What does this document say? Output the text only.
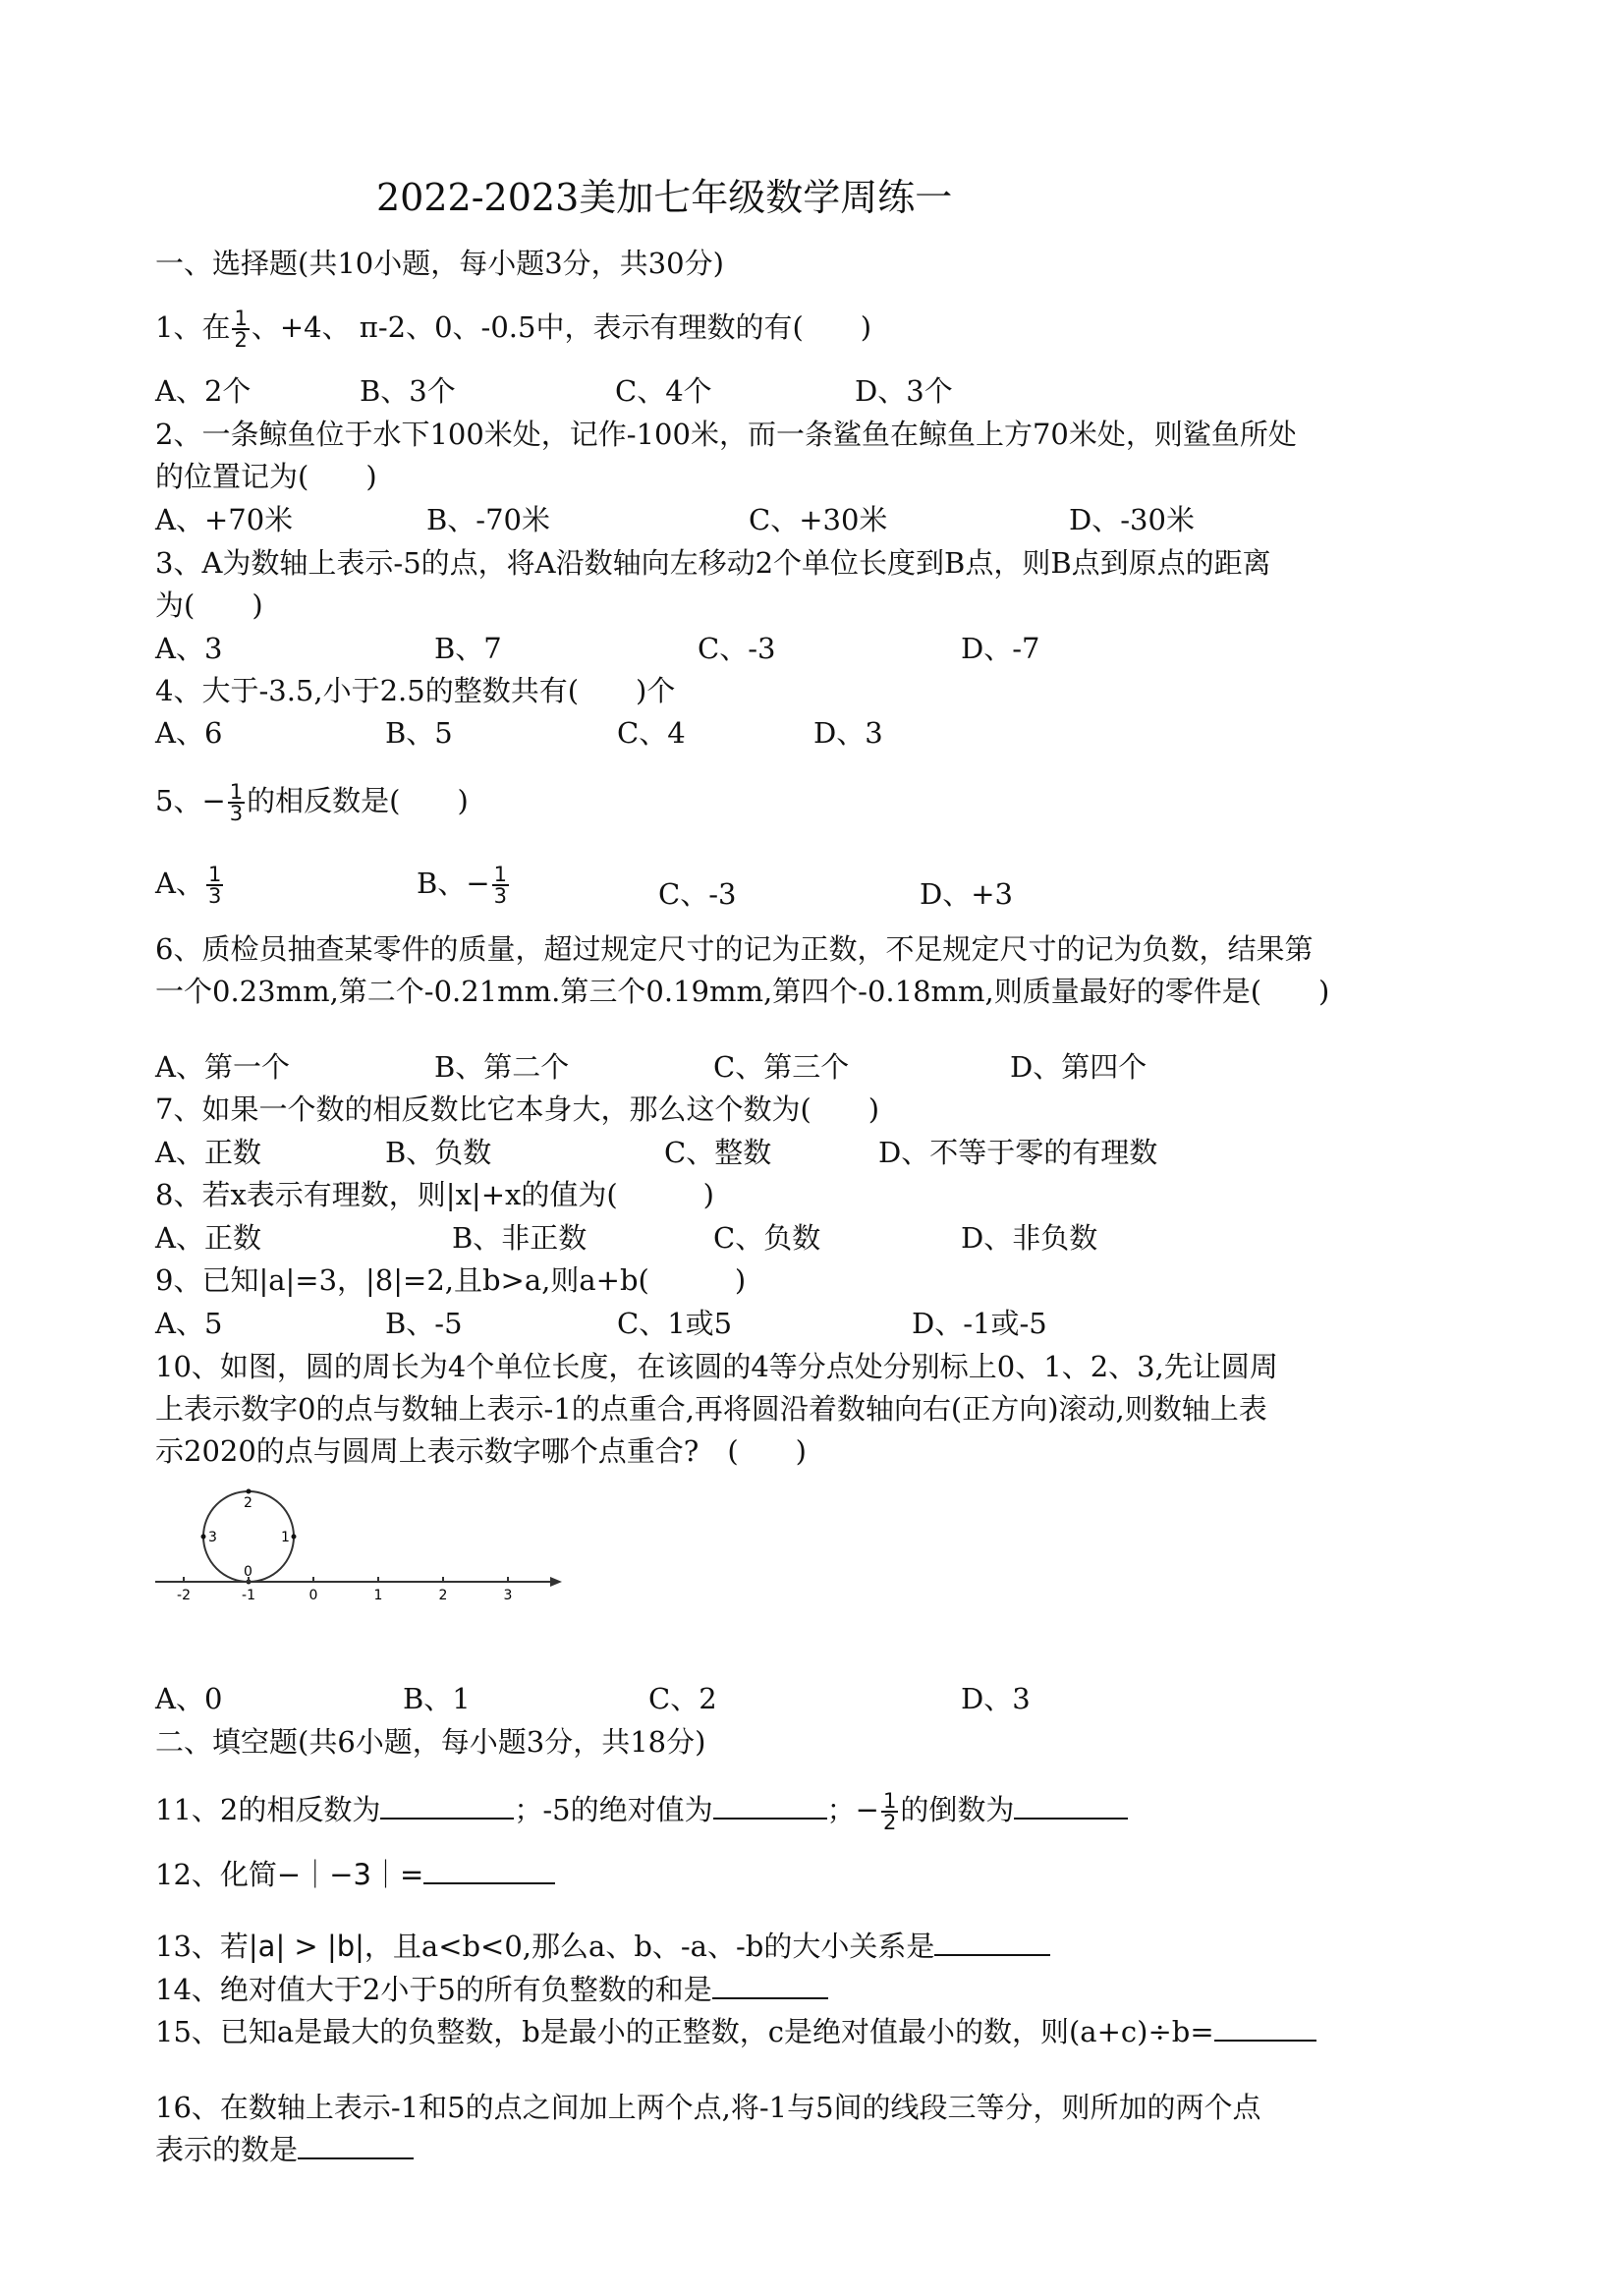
2022-2023美加七年级数学周练一
一、选择题(共10小题，每小题3分，共30分)
1、在 $\frac{1}{2}$ 、+4、 π-2、0、-0.5中，表示有理数的有(　　)
A、2个	B、3个	C、4个	D、3个
2、一条鲸鱼位于水下100米处，记作-100米，而一条鲨鱼在鲸鱼上方70米处，则鲨鱼所处
的位置记为(　　)
A、+70米	B、-70米	C、+30米	D、-30米
3、A为数轴上表示-5的点，将A沿数轴向左移动2个单位长度到B点，则B点到原点的距离
为(　　)
A、3	B、7	C、-3	D、-7
4、大于-3.5,小于2.5的整数共有(　　)个
A、6	B、5	C、4	D、3
5、− $\frac{1}{3}$ 的相反数是(　　)
A、 $\frac{1}{3}$	B、− $\frac{1}{3}$	C、-3	D、+3
6、质检员抽查某零件的质量，超过规定尺寸的记为正数，不足规定尺寸的记为负数，结果第
一个0.23mm,第二个-0.21mm.第三个0.19mm,第四个-0.18mm,则质量最好的零件是(　　)
A、第一个	B、第二个	C、第三个	D、第四个
7、如果一个数的相反数比它本身大，那么这个数为(　　)
A、正数	B、负数	C、整数	D、不等于零的有理数
8、若x表示有理数，则|x|+x的值为(　　　)
A、正数	B、非正数	C、负数	D、非负数
9、已知|a|=3，|8|=2,且b>a,则a+b(　　　)
A、5	B、-5	C、1或5	D、-1或-5
10、如图，圆的周长为4个单位长度，在该圆的4等分点处分别标上0、1、2、3,先让圆周
上表示数字0的点与数轴上表示-1的点重合,再将圆沿着数轴向右(正方向)滚动,则数轴上表
示2020的点与圆周上表示数字哪个点重合?　(　　)
2
1
3
0
-2	-1	0	1	2	3
A、0	B、1	C、2	D、3
二、填空题(共6小题，每小题3分，共18分)
11、2的相反数为	；-5的绝对值为	；− $\frac{1}{2}$ 的倒数为
12、化简−｜−3｜=
13、若|a| > |b|，且a<b<0,那么a、b、-a、-b的大小关系是
14、绝对值大于2小于5的所有负整数的和是
15、已知a是最大的负整数，b是最小的正整数，c是绝对值最小的数，则(a+c)÷b=
16、在数轴上表示-1和5的点之间加上两个点,将-1与5间的线段三等分，则所加的两个点
表示的数是
